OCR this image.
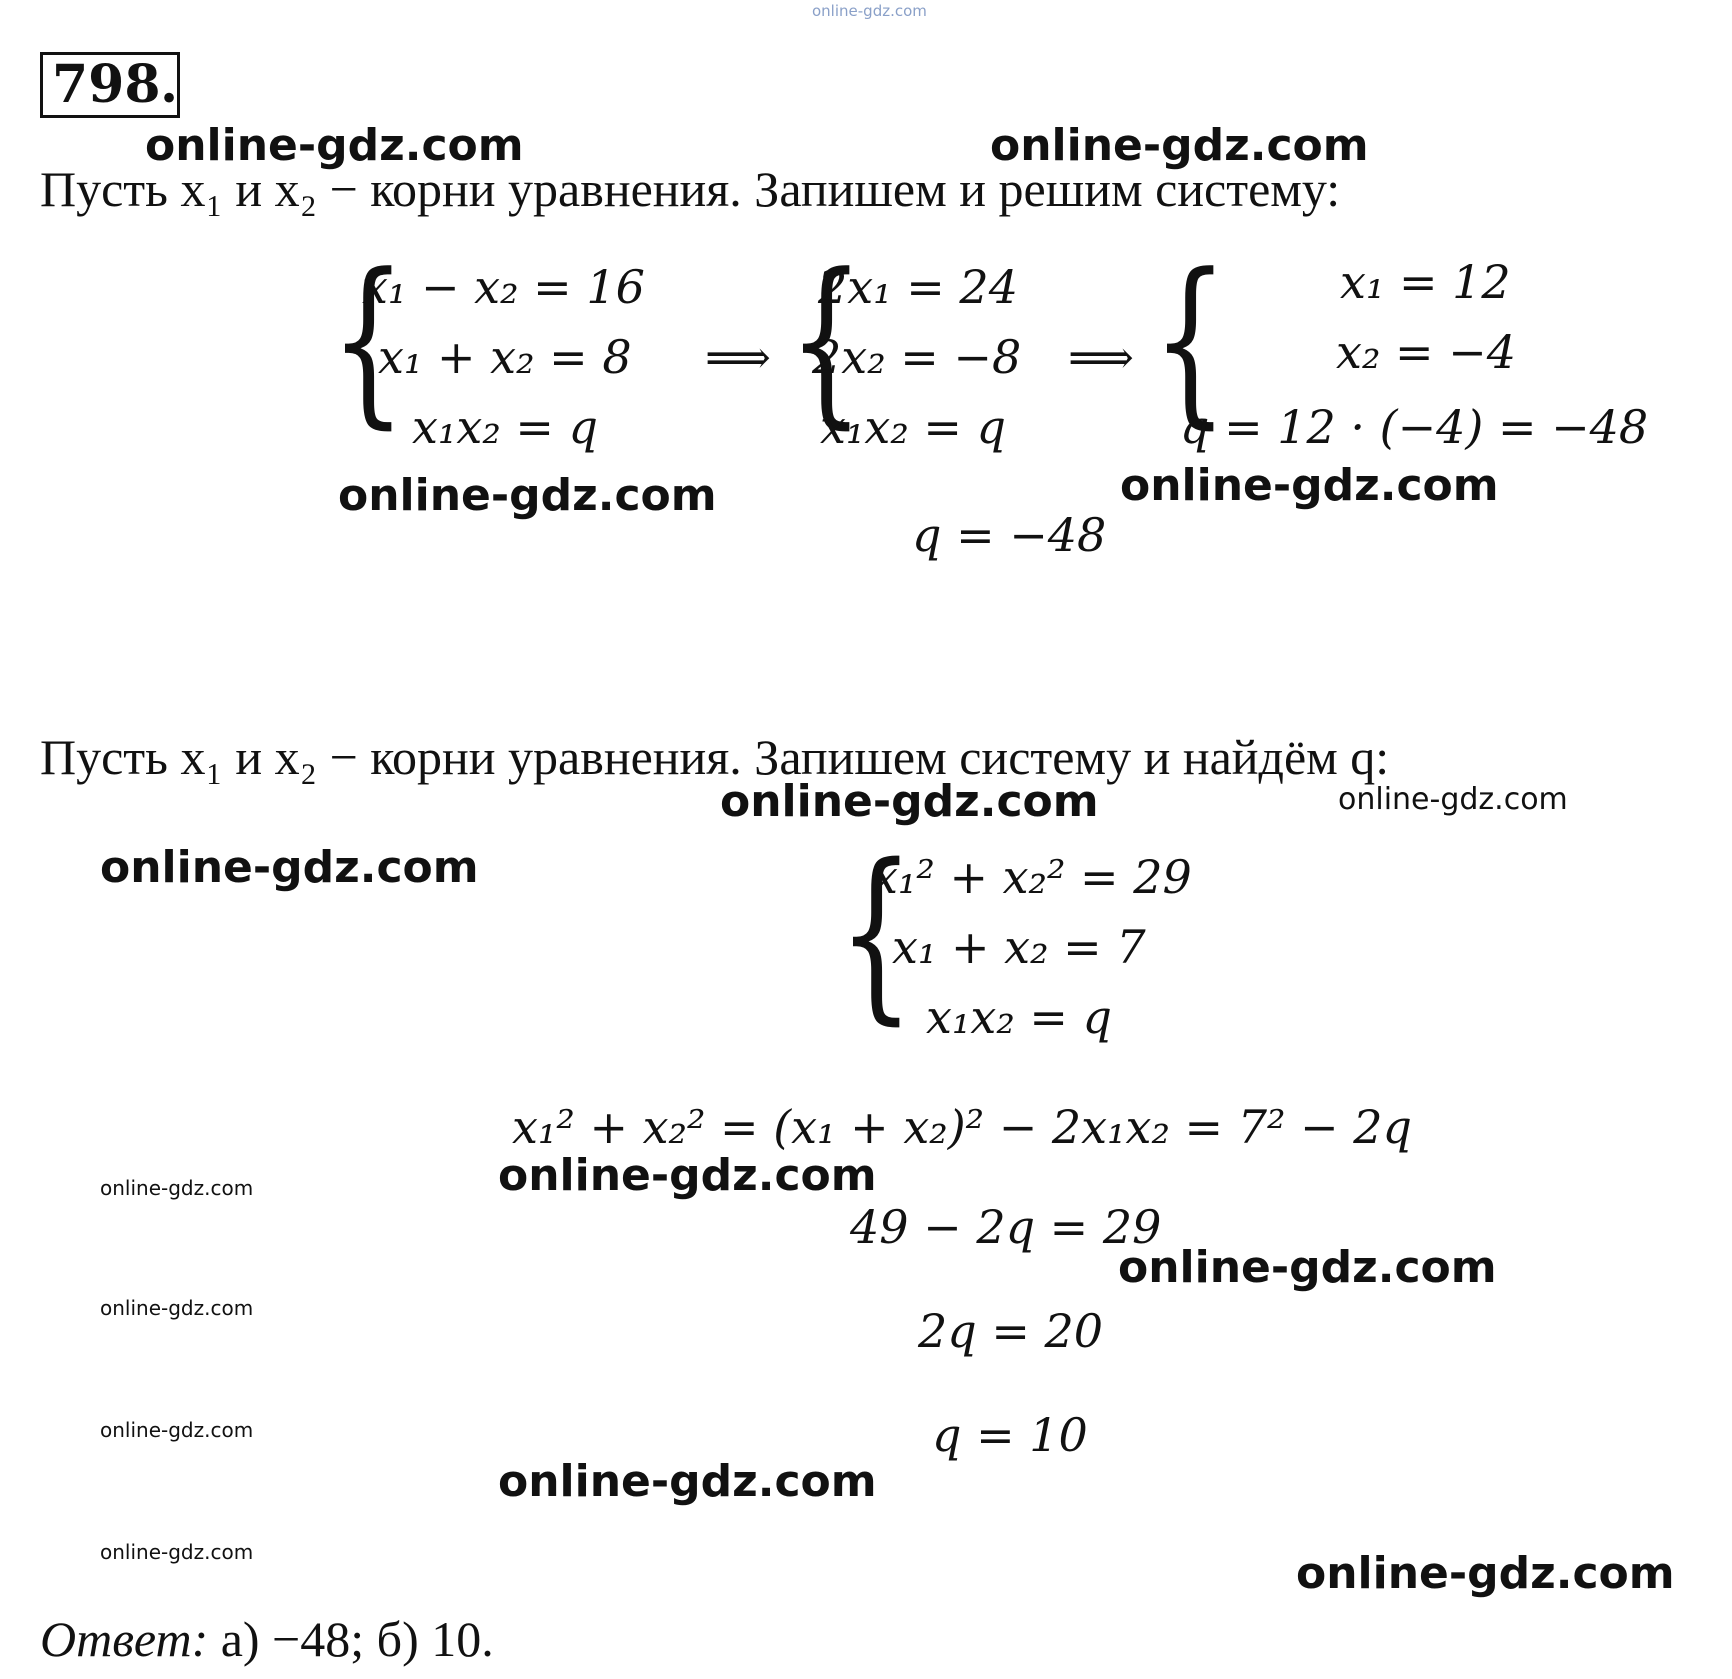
online-gdz.com
798 .
online-gdz.com	online-gdz.com
Пусть x₁ и x₂ − корни уравнения. Запишем и решим систему:
{
x₁ − x₂ = 16
x₁ + x₂ = 8
x₁x₂ = q
⟹ {
2x₁ = 24
2x₂ = −8
x₁x₂ = q
⟹ { x₁ = 12
x₂ = −4
q = 12 · (−4) = −48
online-gdz.com	online-gdz.com
q = −48
Пусть x₁ и x₂ − корни уравнения. Запишем систему и найдём q:
online-gdz.com	online-gdz.com
online-gdz.com	{
x₁² + x₂² = 29
x₁ + x₂ = 7
x₁x₂ = q
x₁² + x₂² = (x₁ + x₂)² − 2x₁x₂ = 7² − 2q
online-gdz.com	online-gdz.com
49 − 2q = 29
online-gdz.com
online-gdz.com	2q = 20
online-gdz.com	q = 10
online-gdz.com
online-gdz.com	online-gdz.com
Ответ: а) −48; б) 10.
